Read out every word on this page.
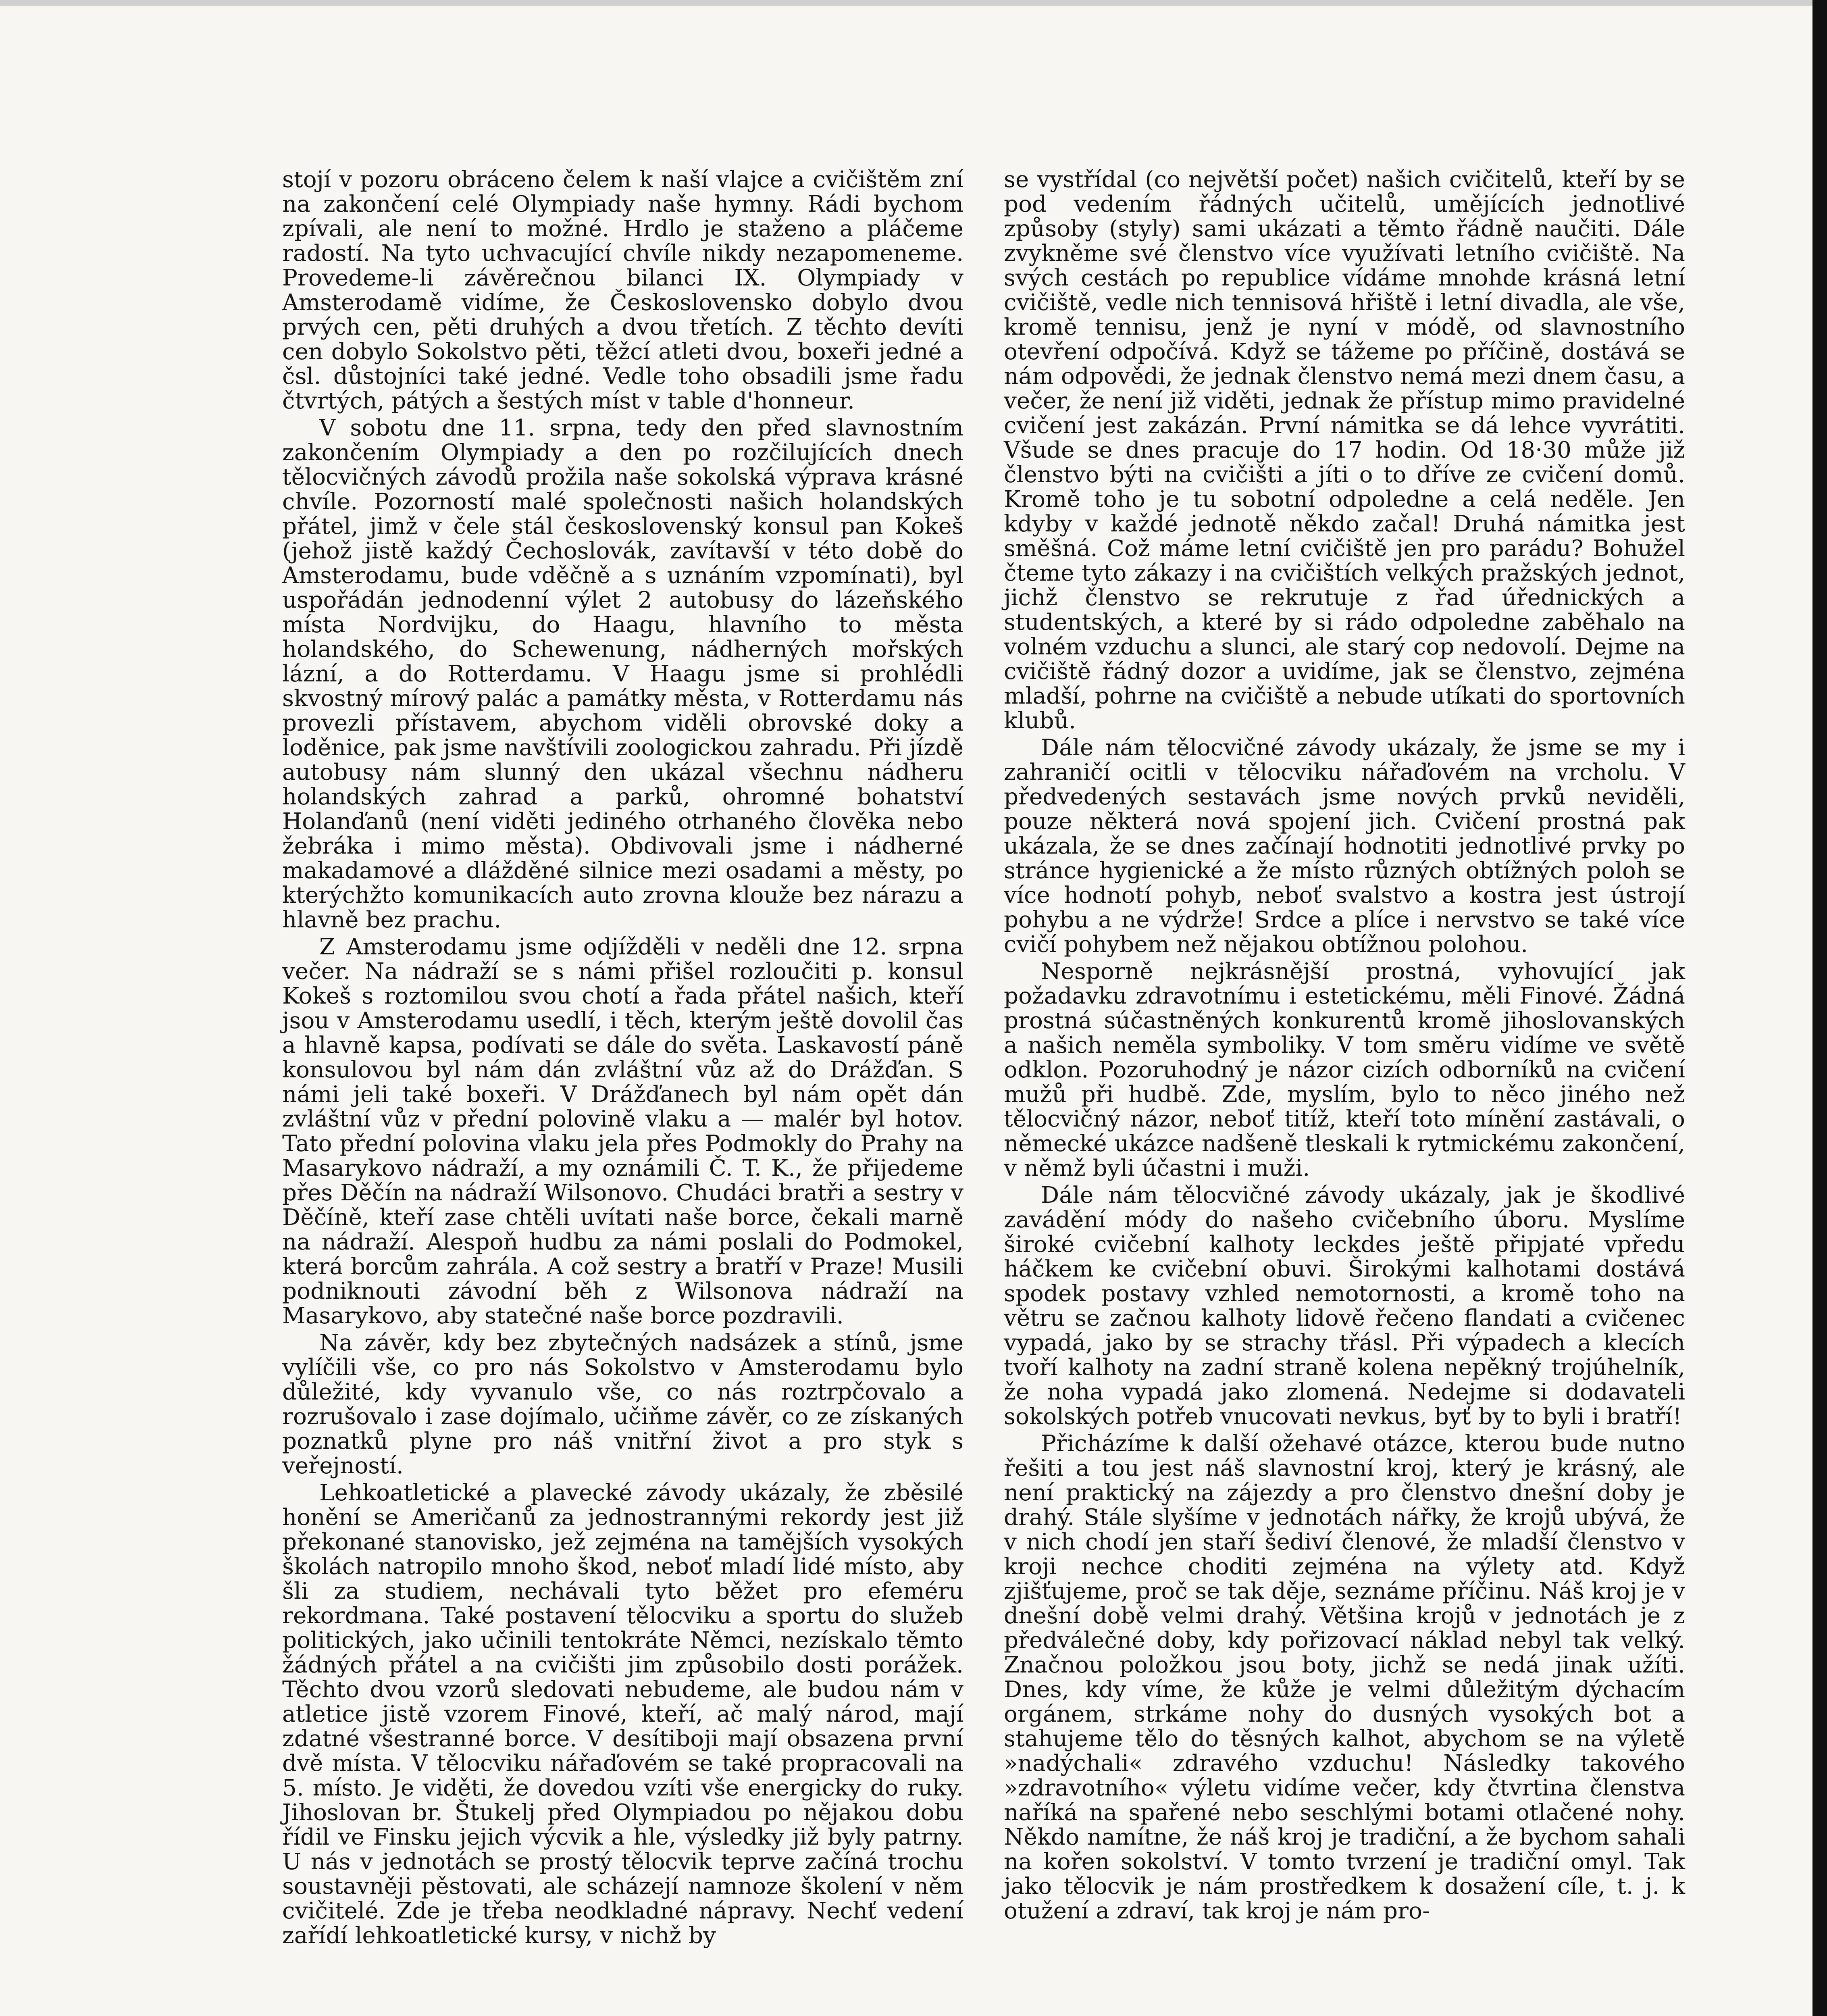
stojí v pozoru obráceno čelem k naší vlajce a cvičištěm zní na zakončení celé Olympiady naše hymny. Rádi bychom zpívali, ale není to možné. Hrdlo je staženo a pláčeme radostí. Na tyto uchvacující chvíle nikdy nezapomeneme. Provedeme-li závěrečnou bilanci IX. Olympiady v Amsterodamě vidíme, že Československo dobylo dvou prvých cen, pěti druhých a dvou třetích. Z těchto devíti cen dobylo Sokolstvo pěti, těžcí atleti dvou, boxeři jedné a čsl. důstojníci také jedné. Vedle toho obsadili jsme řadu čtvrtých, pátých a šestých míst v table d'honneur.

V sobotu dne 11. srpna, tedy den před slavnostním zakončením Olympiady a den po rozčilujících dnech tělocvičných závodů prožila naše sokolská výprava krásné chvíle. Pozorností malé společnosti našich holandských přátel, jimž v čele stál československý konsul pan Kokeš (jehož jistě každý Čechoslovák, zavítavší v této době do Amsterodamu, bude vděčně a s uznáním vzpomínati), byl uspořádán jednodenní výlet 2 autobusy do lázeňského místa Nordvijku, do Haagu, hlavního to města holandského, do Schewenung, nádherných mořských lázní, a do Rotterdamu. V Haagu jsme si prohlédli skvostný mírový palác a památky města, v Rotterdamu nás provezli přístavem, abychom viděli obrovské doky a loděnice, pak jsme navštívili zoologickou zahradu. Při jízdě autobusy nám slunný den ukázal všechnu nádheru holandských zahrad a parků, ohromné bohatství Holanďanů (není viděti jediného otrhaného člověka nebo žebráka i mimo města). Obdivovali jsme i nádherné makadamové a dlážděné silnice mezi osadami a městy, po kterýchžto komunikacích auto zrovna klouže bez nárazu a hlavně bez prachu.

Z Amsterodamu jsme odjížděli v neděli dne 12. srpna večer. Na nádraží se s námi přišel rozloučiti p. konsul Kokeš s roztomilou svou chotí a řada přátel našich, kteří jsou v Amsterodamu usedlí, i těch, kterým ještě dovolil čas a hlavně kapsa, podívati se dále do světa. Laskavostí páně konsulovou byl nám dán zvláštní vůz až do Drážďan. S námi jeli také boxeři. V Drážďanech byl nám opět dán zvláštní vůz v přední polovině vlaku a — malér byl hotov. Tato přední polovina vlaku jela přes Podmokly do Prahy na Masarykovo nádraží, a my oznámili Č. T. K., že přijedeme přes Děčín na nádraží Wilsonovo. Chudáci bratři a sestry v Děčíně, kteří zase chtěli uvítati naše borce, čekali marně na nádraží. Alespoň hudbu za námi poslali do Podmokel, která borcům zahrála. A což sestry a bratří v Praze! Musili podniknouti závodní běh z Wilsonova nádraží na Masarykovo, aby statečné naše borce pozdravili.

Na závěr, kdy bez zbytečných nadsázek a stínů, jsme vylíčili vše, co pro nás Sokolstvo v Amsterodamu bylo důležité, kdy vyvanulo vše, co nás roztrpčovalo a rozrušovalo i zase dojímalo, učiňme závěr, co ze získaných poznatků plyne pro náš vnitřní život a pro styk s veřejností.

Lehkoatletické a plavecké závody ukázaly, že zběsilé honění se Američanů za jednostrannými rekordy jest již překonané stanovisko, jež zejména na tamějších vysokých školách natropilo mnoho škod, neboť mladí lidé místo, aby šli za studiem, nechávali tyto běžet pro efeméru rekordmana. Také postavení tělocviku a sportu do služeb politických, jako učinili tentokráte Němci, nezískalo těmto žádných přátel a na cvičišti jim způsobilo dosti porážek. Těchto dvou vzorů sledovati nebudeme, ale budou nám v atletice jistě vzorem Finové, kteří, ač malý národ, mají zdatné všestranné borce. V desítiboji mají obsazena první dvě místa. V tělocviku nářaďovém se také propracovali na 5. místo. Je viděti, že dovedou vzíti vše energicky do ruky. Jihoslovan br. Štukelj před Olympiadou po nějakou dobu řídil ve Finsku jejich výcvik a hle, výsledky již byly patrny. U nás v jednotách se prostý tělocvik teprve začíná trochu soustavněji pěstovati, ale scházejí namnoze školení v něm cvičitelé. Zde je třeba neodkladné nápravy. Nechť vedení zařídí lehkoatletické kursy, v nichž by

se vystřídal (co největší počet) našich cvičitelů, kteří by se pod vedením řádných učitelů, umějících jednotlivé způsoby (styly) sami ukázati a těmto řádně naučiti. Dále zvykněme své členstvo více využívati letního cvičiště. Na svých cestách po republice vídáme mnohde krásná letní cvičiště, vedle nich tennisová hřiště i letní divadla, ale vše, kromě tennisu, jenž je nyní v módě, od slavnostního otevření odpočívá. Když se tážeme po příčině, dostává se nám odpovědi, že jednak členstvo nemá mezi dnem času, a večer, že není již viděti, jednak že přístup mimo pravidelné cvičení jest zakázán. První námitka se dá lehce vyvrátiti. Všude se dnes pracuje do 17 hodin. Od 18·30 může již členstvo býti na cvičišti a jíti o to dříve ze cvičení domů. Kromě toho je tu sobotní odpoledne a celá neděle. Jen kdyby v každé jednotě někdo začal! Druhá námitka jest směšná. Což máme letní cvičiště jen pro parádu? Bohužel čteme tyto zákazy i na cvičištích velkých pražských jednot, jichž členstvo se rekrutuje z řad úřednických a studentských, a které by si rádo odpoledne zaběhalo na volném vzduchu a slunci, ale starý cop nedovolí. Dejme na cvičiště řádný dozor a uvidíme, jak se členstvo, zejména mladší, pohrne na cvičiště a nebude utíkati do sportovních klubů.

Dále nám tělocvičné závody ukázaly, že jsme se my i zahraničí ocitli v tělocviku nářaďovém na vrcholu. V předvedených sestavách jsme nových prvků neviděli, pouze některá nová spojení jich. Cvičení prostná pak ukázala, že se dnes začínají hodnotiti jednotlivé prvky po stránce hygienické a že místo různých obtížných poloh se více hodnotí pohyb, neboť svalstvo a kostra jest ústrojí pohybu a ne výdrže! Srdce a plíce i nervstvo se také více cvičí pohybem než nějakou obtížnou polohou.

Nesporně nejkrásnější prostná, vyhovující jak požadavku zdravotnímu i estetickému, měli Finové. Žádná prostná súčastněných konkurentů kromě jihoslovanských a našich neměla symboliky. V tom směru vidíme ve světě odklon. Pozoruhodný je názor cizích odborníků na cvičení mužů při hudbě. Zde, myslím, bylo to něco jiného než tělocvičný názor, neboť titíž, kteří toto mínění zastávali, o německé ukázce nadšeně tleskali k rytmickému zakončení, v němž byli účastni i muži.

Dále nám tělocvičné závody ukázaly, jak je škodlivé zavádění módy do našeho cvičebního úboru. Myslíme široké cvičební kalhoty leckdes ještě připjaté vpředu háčkem ke cvičební obuvi. Širokými kalhotami dostává spodek postavy vzhled nemotornosti, a kromě toho na větru se začnou kalhoty lidově řečeno flandati a cvičenec vypadá, jako by se strachy třásl. Při výpadech a klecích tvoří kalhoty na zadní straně kolena nepěkný trojúhelník, že noha vypadá jako zlomená. Nedejme si dodavateli sokolských potřeb vnucovati nevkus, byť by to byli i bratří!

Přicházíme k další ožehavé otázce, kterou bude nutno řešiti a tou jest náš slavnostní kroj, který je krásný, ale není praktický na zájezdy a pro členstvo dnešní doby je drahý. Stále slyšíme v jednotách nářky, že krojů ubývá, že v nich chodí jen staří šediví členové, že mladší členstvo v kroji nechce choditi zejména na výlety atd. Když zjišťujeme, proč se tak děje, seznáme příčinu. Náš kroj je v dnešní době velmi drahý. Většina krojů v jednotách je z předválečné doby, kdy pořizovací náklad nebyl tak velký. Značnou položkou jsou boty, jichž se nedá jinak užíti. Dnes, kdy víme, že kůže je velmi důležitým dýchacím orgánem, strkáme nohy do dusných vysokých bot a stahujeme tělo do těsných kalhot, abychom se na výletě »nadýchali« zdravého vzduchu! Následky takového »zdravotního« výletu vidíme večer, kdy čtvrtina členstva naříká na spařené nebo seschlými botami otlačené nohy. Někdo namítne, že náš kroj je tradiční, a že bychom sahali na kořen sokolství. V tomto tvrzení je tradiční omyl. Tak jako tělocvik je nám prostředkem k dosažení cíle, t. j. k otužení a zdraví, tak kroj je nám pro-
